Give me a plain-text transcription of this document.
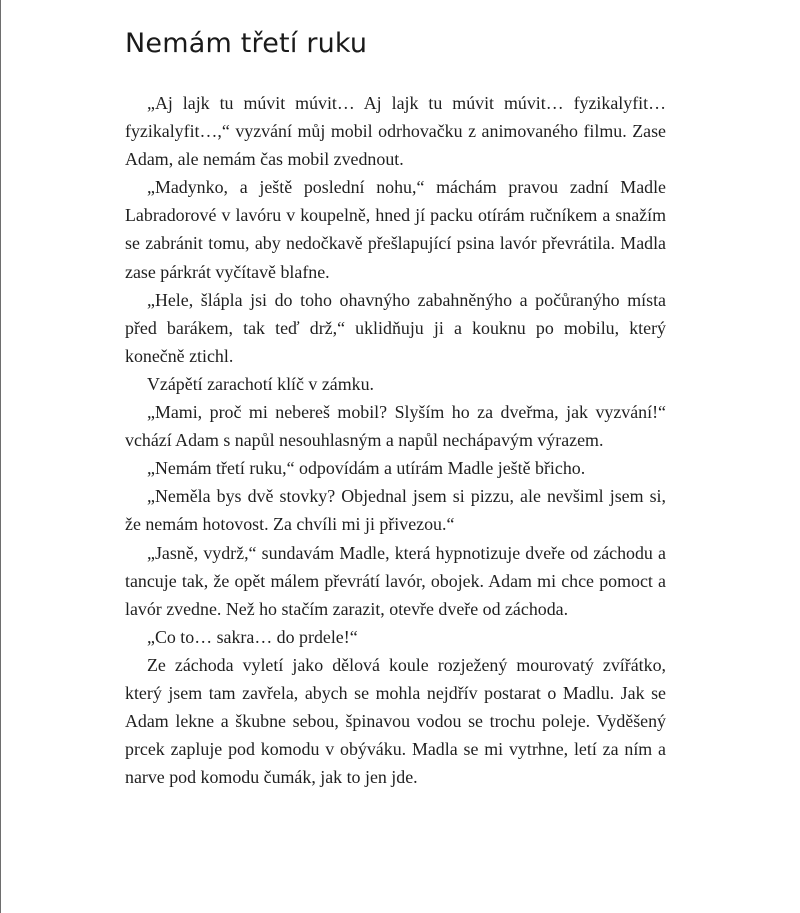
Nemám třetí ruku

„Aj lajk tu múvit múvit… Aj lajk tu múvit múvit… fyzikalyfit… fyzikalyfit…,“ vyzvání můj mobil odrhovačku z animovaného filmu. Zase Adam, ale nemám čas mobil zvednout.

„Madynko, a ještě poslední nohu,“ máchám pravou zadní Madle Labradorové v lavóru v koupelně, hned jí packu otírám ručníkem a snažím se zabránit tomu, aby nedočkavě přešlapující psina lavór převrátila. Madla zase párkrát vyčítavě blafne.

„Hele, šlápla jsi do toho ohavnýho zabahněnýho a počůranýho místa před barákem, tak teď drž,“ uklidňuju ji a kouknu po mobilu, který konečně ztichl.

Vzápětí zarachotí klíč v zámku.

„Mami, proč mi nebereš mobil? Slyším ho za dveřma, jak vyzvání!“ vchází Adam s napůl nesouhlasným a napůl nechápavým výrazem.

„Nemám třetí ruku,“ odpovídám a utírám Madle ještě břicho.

„Neměla bys dvě stovky? Objednal jsem si pizzu, ale nevšiml jsem si, že nemám hotovost. Za chvíli mi ji přivezou.“

„Jasně, vydrž,“ sundavám Madle, která hypnotizuje dveře od záchodu a tancuje tak, že opět málem převrátí lavór, obojek. Adam mi chce pomoct a lavór zvedne. Než ho stačím zarazit, otevře dveře od záchoda.

„Co to… sakra… do prdele!“

Ze záchoda vyletí jako dělová koule rozježený mourovatý zvířátko, který jsem tam zavřela, abych se mohla nejdřív postarat o Madlu. Jak se Adam lekne a škubne sebou, špinavou vodou se trochu poleje. Vyděšený prcek zapluje pod komodu v obýváku. Madla se mi vytrhne, letí za ním a narve pod komodu čumák, jak to jen jde.
